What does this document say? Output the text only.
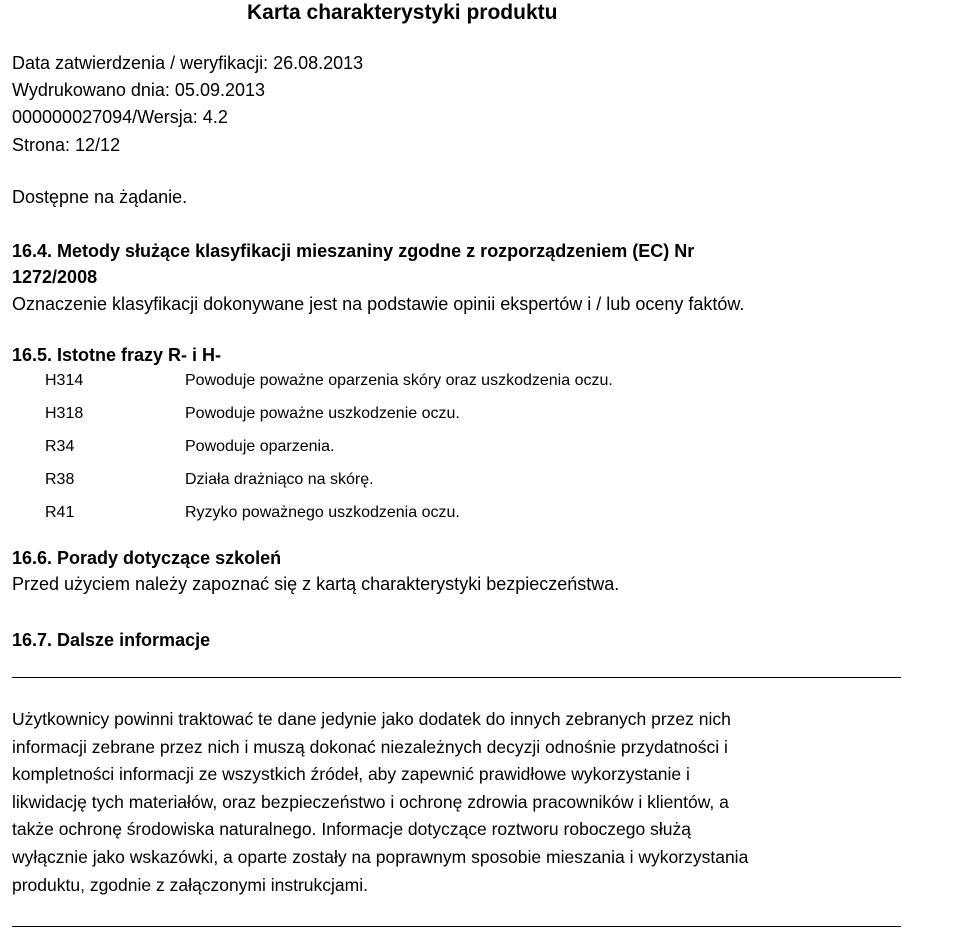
Karta charakterystyki produktu

Data zatwierdzenia / weryfikacji: 26.08.2013

Wydrukowano dnia: 05.09.2013

000000027094/Wersja: 4.2

Strona: 12/12

Dostępne na żądanie.

16.4. Metody służące klasyfikacji mieszaniny zgodne z rozporządzeniem (EC) Nr

1272/2008

Oznaczenie klasyfikacji dokonywane jest na podstawie opinii ekspertów i / lub oceny faktów.

16.5. Istotne frazy R- i H-

H314	Powoduje poważne oparzenia skóry oraz uszkodzenia oczu.
H318	Powoduje poważne uszkodzenie oczu.
R34	Powoduje oparzenia.
R38	Działa drażniąco na skórę.
R41	Ryzyko poważnego uszkodzenia oczu.

16.6. Porady dotyczące szkoleń

Przed użyciem należy zapoznać się z kartą charakterystyki bezpieczeństwa.

16.7. Dalsze informacje

Użytkownicy powinni traktować te dane jedynie jako dodatek do innych zebranych przez nich
informacji zebrane przez nich i muszą dokonać niezależnych decyzji odnośnie przydatności i
kompletności informacji ze wszystkich źródeł, aby zapewnić prawidłowe wykorzystanie i
likwidację tych materiałów, oraz bezpieczeństwo i ochronę zdrowia pracowników i klientów, a
także ochronę środowiska naturalnego. Informacje dotyczące roztworu roboczego służą
wyłącznie jako wskazówki, a oparte zostały na poprawnym sposobie mieszania i wykorzystania
produktu, zgodnie z załączonymi instrukcjami.
